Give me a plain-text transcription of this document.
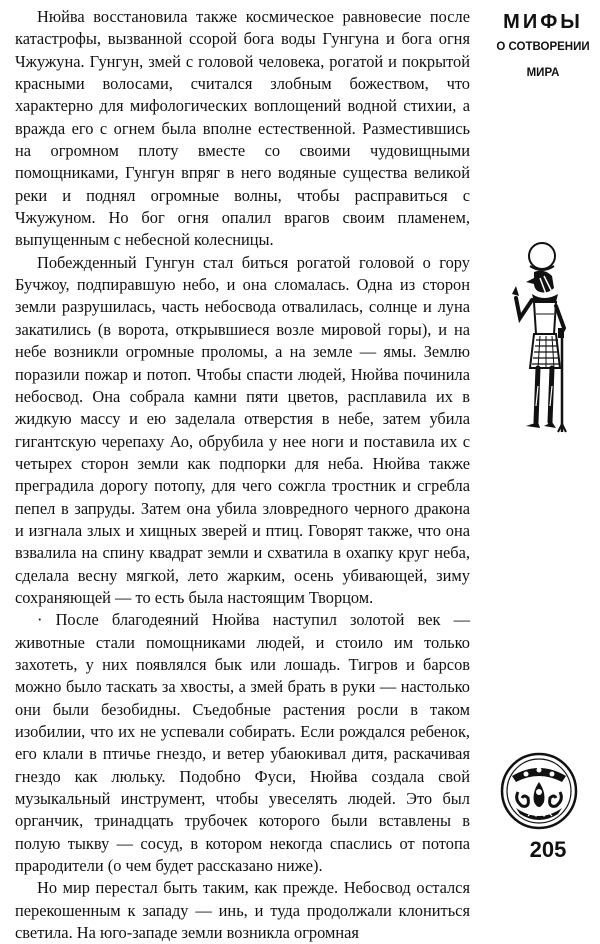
Нюйва восстановила также космическое равновесие после катастрофы, вызванной ссорой бога воды Гунгуна и бога огня Чжужуна. Гунгун, змей с головой человека, рогатой и покрытой красными волосами, считался злобным божеством, что характерно для мифологических воплощений водной стихии, а вражда его с огнем была вполне естественной. Разместившись на огромном плоту вместе со своими чудовищными помощниками, Гунгун впряг в него водяные существа великой реки и поднял огромные волны, чтобы расправиться с Чжужуном. Но бог огня опалил врагов своим пламенем, выпущенным с небесной колесницы.

Побежденный Гунгун стал биться рогатой головой о гору Бучжоу, подпиравшую небо, и она сломалась. Одна из сторон земли разрушилась, часть небосвода отвалилась, солнце и луна закатились (в ворота, открывшиеся возле мировой горы), и на небе возникли огромные проломы, а на земле — ямы. Землю поразили пожар и потоп. Чтобы спасти людей, Нюйва починила небосвод. Она собрала камни пяти цветов, расплавила их в жидкую массу и ею заделала отверстия в небе, затем убила гигантскую черепаху Ао, обрубила у нее ноги и поставила их с четырех сторон земли как подпорки для неба. Нюйва также преградила дорогу потопу, для чего сожгла тростник и сгребла пепел в запруды. Затем она убила зловредного черного дракона и изгнала злых и хищных зверей и птиц. Говорят также, что она взвалила на спину квадрат земли и схватила в охапку круг неба, сделала весну мягкой, лето жарким, осень убивающей, зиму сохраняющей — то есть была настоящим Творцом.

· После благодеяний Нюйва наступил золотой век — животные стали помощниками людей, и стоило им только захотеть, у них появлялся бык или лошадь. Тигров и барсов можно было таскать за хвосты, а змей брать в руки — настолько они были безобидны. Съедобные растения росли в таком изобилии, что их не успевали собирать. Если рождался ребенок, его клали в птичье гнездо, и ветер убаюкивал дитя, раскачивая гнездо как люльку. Подобно Фуси, Нюйва создала свой музыкальный инструмент, чтобы увеселять людей. Это был органчик, тринадцать трубочек которого были вставлены в полую тыкву — сосуд, в котором некогда спаслись от потопа прародители (о чем будет рассказано ниже).

Но мир перестал быть таким, как прежде. Небосвод остался перекошенным к западу — инь, и туда продолжали клониться светила. На юго-западе земли возникла огромная

МИФЫ
О СОТВОРЕНИИ
МИРА
205
